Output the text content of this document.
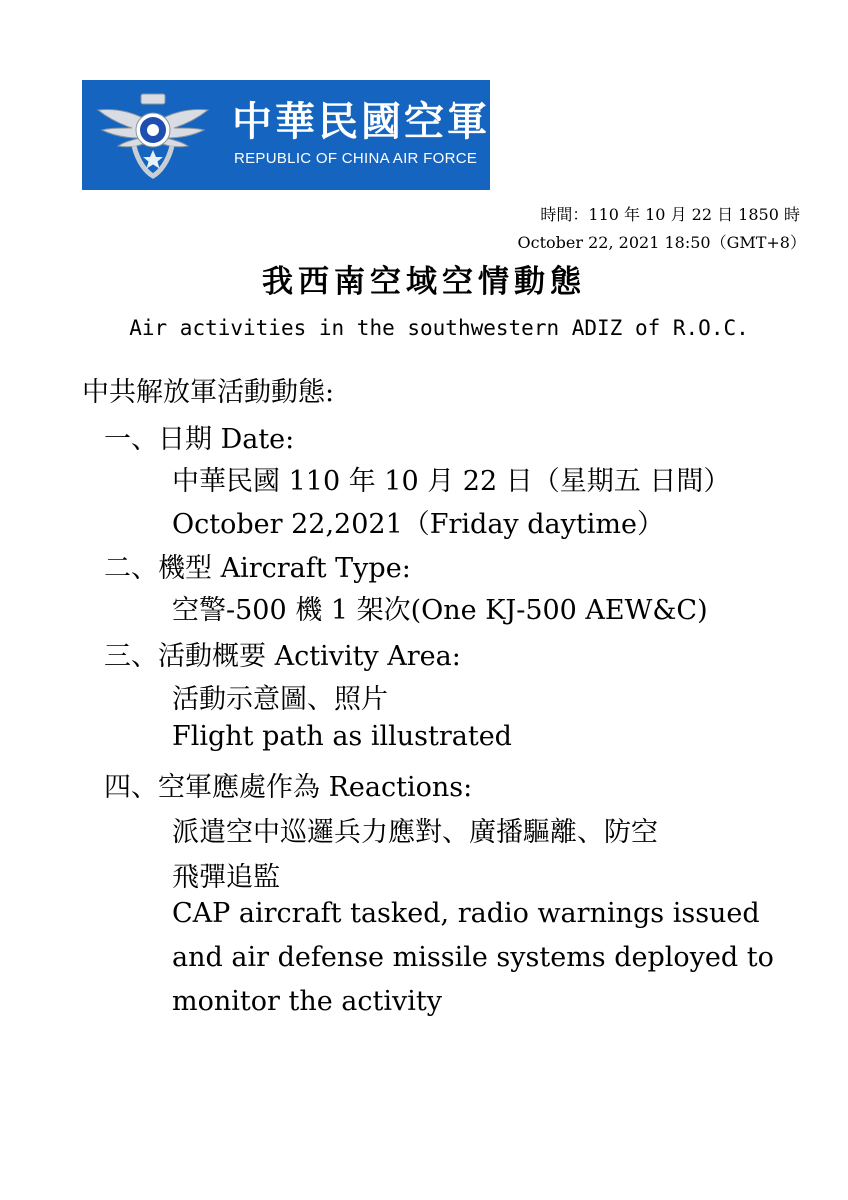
中華民國空軍
REPUBLIC OF CHINA AIR FORCE
時間：110 年 10 月 22 日 1850 時
October 22, 2021 18:50（GMT+8）
我西南空域空情動態
Air activities in the southwestern ADIZ of R.O.C.
中共解放軍活動動態:
一、日期 Date:
中華民國 110 年 10 月 22 日（星期五 日間）
October 22,2021（Friday daytime）
二、機型 Aircraft Type:
空警-500 機 1 架次(One KJ-500 AEW&C)
三、活動概要 Activity Area:
活動示意圖、照片
Flight path as illustrated
四、空軍應處作為 Reactions:
派遣空中巡邏兵力應對、廣播驅離、防空
飛彈追監
CAP aircraft tasked, radio warnings issued
and air defense missile systems deployed to
monitor the activity
